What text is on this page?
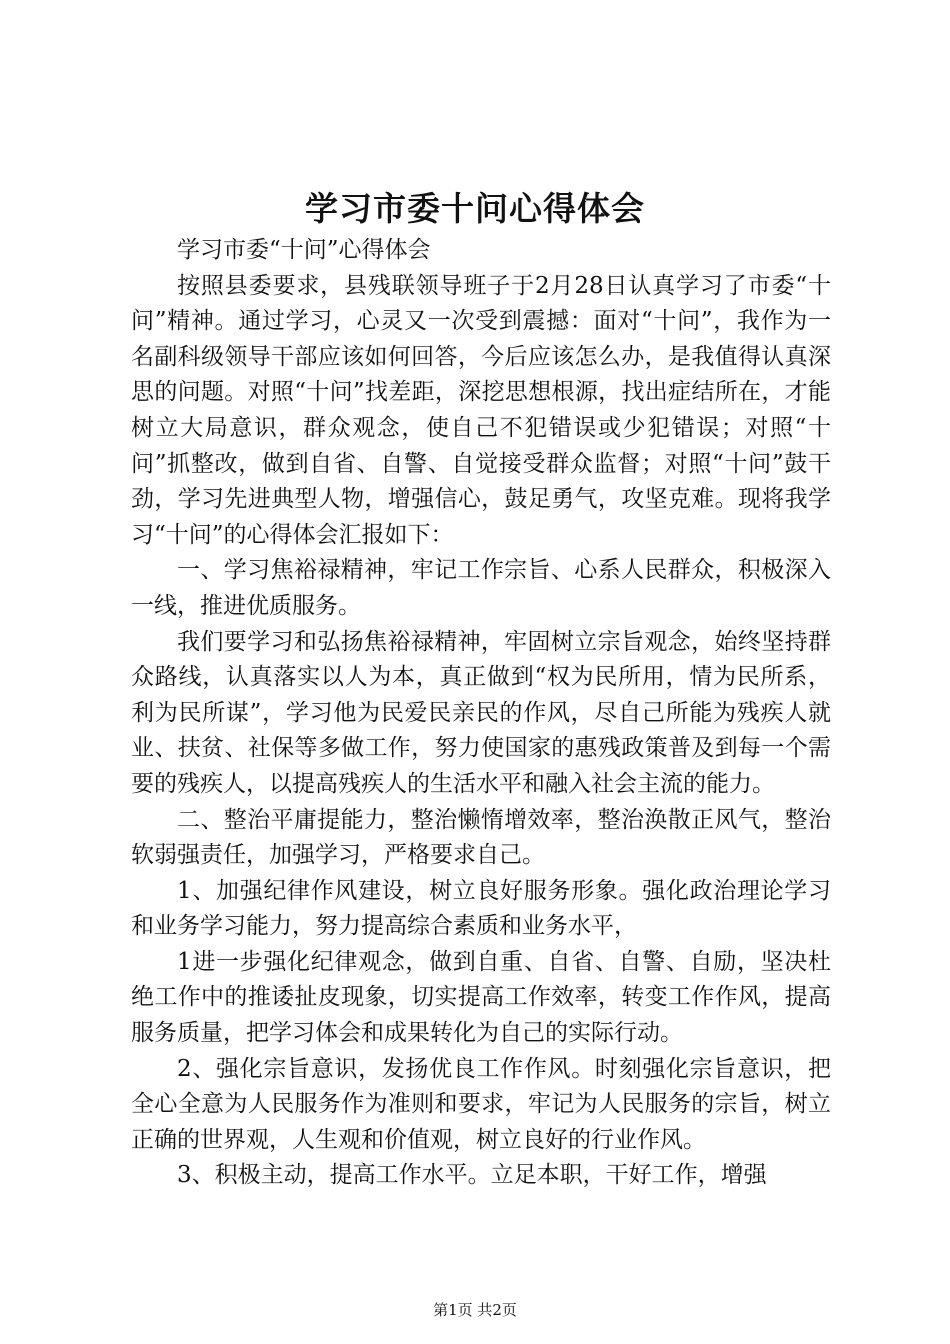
学习市委十问心得体会

学习市委“十问”心得体会

按照县委要求，县残联领导班子于2月28日认真学习了市委“十问”精神。通过学习，心灵又一次受到震撼：面对“十问”，我作为一名副科级领导干部应该如何回答，今后应该怎么办，是我值得认真深思的问题。对照“十问”找差距，深挖思想根源，找出症结所在，才能树立大局意识，群众观念，使自己不犯错误或少犯错误；对照“十问”抓整改，做到自省、自警、自觉接受群众监督；对照“十问”鼓干劲，学习先进典型人物，增强信心，鼓足勇气，攻坚克难。现将我学习“十问”的心得体会汇报如下：

一、学习焦裕禄精神，牢记工作宗旨、心系人民群众，积极深入一线，推进优质服务。

我们要学习和弘扬焦裕禄精神，牢固树立宗旨观念，始终坚持群众路线，认真落实以人为本，真正做到“权为民所用，情为民所系，利为民所谋”，学习他为民爱民亲民的作风，尽自己所能为残疾人就业、扶贫、社保等多做工作，努力使国家的惠残政策普及到每一个需要的残疾人，以提高残疾人的生活水平和融入社会主流的能力。

二、整治平庸提能力，整治懒惰增效率，整治涣散正风气，整治软弱强责任，加强学习，严格要求自己。

1、加强纪律作风建设，树立良好服务形象。强化政治理论学习和业务学习能力，努力提高综合素质和业务水平，

1进一步强化纪律观念，做到自重、自省、自警、自励，坚决杜绝工作中的推诿扯皮现象，切实提高工作效率，转变工作作风，提高服务质量，把学习体会和成果转化为自己的实际行动。

2、强化宗旨意识，发扬优良工作作风。时刻强化宗旨意识，把全心全意为人民服务作为准则和要求，牢记为人民服务的宗旨，树立正确的世界观，人生观和价值观，树立良好的行业作风。

3、积极主动，提高工作水平。立足本职，干好工作，增强

第1页 共2页
